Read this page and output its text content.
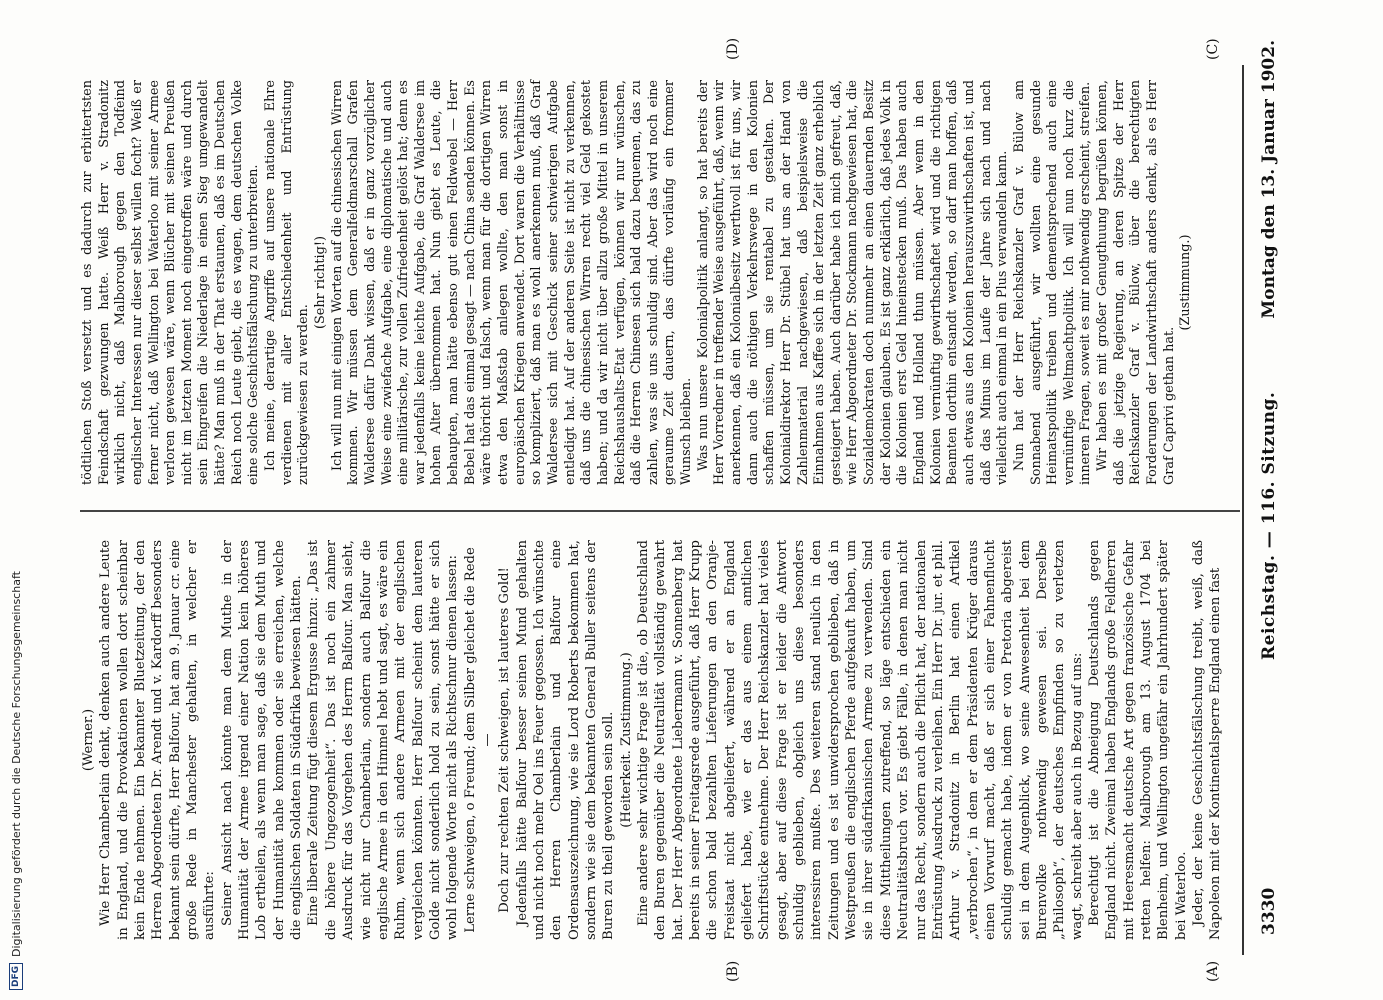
3330
Reichstag. — 116. Sitzung.
Montag den 13. Januar 1902.
(A)
(B)
(C)
(D)

(Werner.) Wie Herr Chamberlain denkt, denken auch andere Leute in England, und die Provokationen wollen dort scheinbar kein Ende nehmen. Ein bekannter Bluetzeitung, der den Herren Abgeordneten Dr. Arendt und v. Kardorff besonders bekannt sein dürfte, Herr Balfour, hat am 9. Januar cr. eine große Rede in Manchester gehalten, in welcher er ausführte: Seiner Ansicht nach könnte man dem Muthe in der Humanität der Armee irgend einer Nation kein höheres Lob ertheilen, als wenn man sage, daß sie dem Muth und der Humanität nahe kommen oder sie erreichen, welche die englischen Soldaten in Südafrika bewiesen hätten. Eine liberale Zeitung fügt diesem Ergusse hinzu: „Das ist die höhere Ungezogenheit“. Das ist noch ein zahmer Ausdruck für das Vorgehen des Herrn Balfour. Man sieht, wie nicht nur Chamberlain, sondern auch Balfour die englische Armee in den Himmel hebt und sagt, es wäre ein Ruhm, wenn sich andere Armeen mit der englischen vergleichen könnten. Herr Balfour scheint dem lauteren Golde nicht sonderlich hold zu sein, sonst hätte er sich wohl folgende Worte nicht als Richtschnur dienen lassen: Lerne schweigen, o Freund; dem Silber gleichet die Rede — Doch zur rechten Zeit schweigen, ist lauteres Gold! Jedenfalls hätte Balfour besser seinen Mund gehalten und nicht noch mehr Oel ins Feuer gegossen. Ich wünschte den Herren Chamberlain und Balfour eine Ordensauszeichnung, wie sie Lord Roberts bekommen hat, sondern wie sie dem bekannten General Buller seitens der Buren zu theil geworden sein soll. (Heiterkeit. Zustimmung.) Eine andere sehr wichtige Frage ist die, ob Deutschland den Buren gegenüber die Neutralität vollständig gewahrt hat. Der Herr Abgeordnete Liebermann v. Sonnenberg hat bereits in seiner Freitagsrede ausgeführt, daß Herr Krupp die schon bald bezahlten Lieferungen an den Oranje-Freistaat nicht abgeliefert, während er an England geliefert habe, wie er das aus einem amtlichen Schriftstücke entnehme. Der Herr Reichskanzler hat vieles gesagt, aber auf diese Frage ist er leider die Antwort schuldig geblieben, obgleich uns diese besonders interessiren mußte. Des weiteren stand neulich in den Zeitungen und es ist unwidersprochen geblieben, daß in Westpreußen die englischen Pferde aufgekauft haben, um sie in ihrer südafrikanischen Armee zu verwenden. Sind diese Mittheilungen zutreffend, so läge entschieden ein Neutralitätsbruch vor. Es giebt Fälle, in denen man nicht nur das Recht, sondern auch die Pflicht hat, der nationalen Entrüstung Ausdruck zu verleihen. Ein Herr Dr. jur. et phil. Arthur v. Stradonitz in Berlin hat einen Artikel „verbrochen“, in dem er dem Präsidenten Krüger daraus einen Vorwurf macht, daß er sich einer Fahnenflucht schuldig gemacht habe, indem er von Pretoria abgereist sei in dem Augenblick, wo seine Anwesenheit bei dem Burenvolke nothwendig gewesen sei. Derselbe „Philosoph“, der deutsches Empfinden so zu verletzen wagt, schreibt aber auch in Bezug auf uns: Berechtigt ist die Abneigung Deutschlands gegen England nicht. Zweimal haben Englands große Feldherren mit Heeresmacht deutsche Art gegen französische Gefahr retten helfen: Malborough am 13. August 1704 bei Blenheim, und Wellington ungefähr ein Jahrhundert später bei Waterloo. Jeder, der keine Geschichtsfälschung treibt, weiß, daß Napoleon mit der Kontinentalsperre England einen fast

tödtlichen Stoß versetzt und es dadurch zur erbittertsten Feindschaft gezwungen hatte. Weiß Herr v. Stradonitz wirklich nicht, daß Malborough gegen den Todfeind englischer Interessen nur dieser selbst willen focht? Weiß er ferner nicht, daß Wellington bei Waterloo mit seiner Armee verloren gewesen wäre, wenn Blücher mit seinen Preußen nicht im letzten Moment noch eingetroffen wäre und durch sein Eingreifen die Niederlage in einen Sieg umgewandelt hätte? Man muß in der That erstaunen, daß es im Deutschen Reich noch Leute giebt, die es wagen, dem deutschen Volke eine solche Geschichtsfälschung zu unterbreiten. Ich meine, derartige Angriffe auf unsere nationale Ehre verdienen mit aller Entschiedenheit und Entrüstung zurückgewiesen zu werden.

(Sehr richtig!) Ich will nun mit einigen Worten auf die chinesischen Wirren kommen. Wir müssen dem Generalfeldmarschall Grafen Waldersee dafür Dank wissen, daß er in ganz vorzüglicher Weise eine zwiefache Aufgabe, eine diplomatische und auch eine militärische, zur vollen Zufriedenheit gelöst hat; denn es war jedenfalls keine leichte Aufgabe, die Graf Waldersee im hohen Alter übernommen hat. Nun giebt es Leute, die behaupten, man hätte ebenso gut einen Feldwebel — Herr Bebel hat das einmal gesagt — nach China senden können. Es wäre thöricht und falsch, wenn man für die dortigen Wirren etwa den Maßstab anlegen wollte, den man sonst in europäischen Kriegen anwendet. Dort waren die Verhältnisse so kompliziert, daß man es wohl anerkennen muß, daß Graf Waldersee sich mit Geschick seiner schwierigen Aufgabe entledigt hat. Auf der anderen Seite ist nicht zu verkennen, daß uns die chinesischen Wirren recht viel Geld gekostet haben; und da wir nicht über allzu große Mittel in unserem Reichshaushalts-Etat verfügen, können wir nur wünschen, daß die Herren Chinesen sich bald dazu bequemen, das zu zahlen, was sie uns schuldig sind. Aber das wird noch eine geraume Zeit dauern, das dürfte vorläufig ein frommer Wunsch bleiben. Was nun unsere Kolonialpolitik anlangt, so hat bereits der Herr Vorredner in treffender Weise ausgeführt, daß, wenn wir anerkennen, daß ein Kolonialbesitz werthvoll ist für uns, wir dann auch die nöthigen Verkehrswege in den Kolonien schaffen müssen, um sie rentabel zu gestalten. Der Kolonialdirektor Herr Dr. Stübel hat uns an der Hand von Zahlenmaterial nachgewiesen, daß beispielsweise die Einnahmen aus Kaffee sich in der letzten Zeit ganz erheblich gesteigert haben. Auch darüber habe ich mich gefreut, daß, wie Herr Abgeordneter Dr. Stockmann nachgewiesen hat, die Sozialdemokraten doch nunmehr an einen dauernden Besitz der Kolonien glauben. Es ist ganz erklärlich, daß jedes Volk in die Kolonien erst Geld hineinstecken muß. Das haben auch England und Holland thun müssen. Aber wenn in den Kolonien vernünftig gewirthschaftet wird und die richtigen Beamten dorthin entsandt werden, so darf man hoffen, daß auch etwas aus den Kolonien herauszuwirthschaften ist, und daß das Minus im Laufe der Jahre sich nach und nach vielleicht auch einmal in ein Plus verwandeln kann. Nun hat der Herr Reichskanzler Graf v. Bülow am Sonnabend ausgeführt, wir wollten eine gesunde Heimatspolitik treiben und dementsprechend auch eine vernünftige Weltmachtpolitik. Ich will nun noch kurz die inneren Fragen, soweit es mir nothwendig erscheint, streifen. Wir haben es mit großer Genugthuung begrüßen können, daß die jetzige Regierung, an deren Spitze der Herr Reichskanzler Graf v. Bülow, über die berechtigten Forderungen der Landwirthschaft anders denkt, als es Herr Graf Caprivi gethan hat.

(Zustimmung.)

DFG
Digitalisierung gefördert durch die Deutsche Forschungsgemeinschaft
